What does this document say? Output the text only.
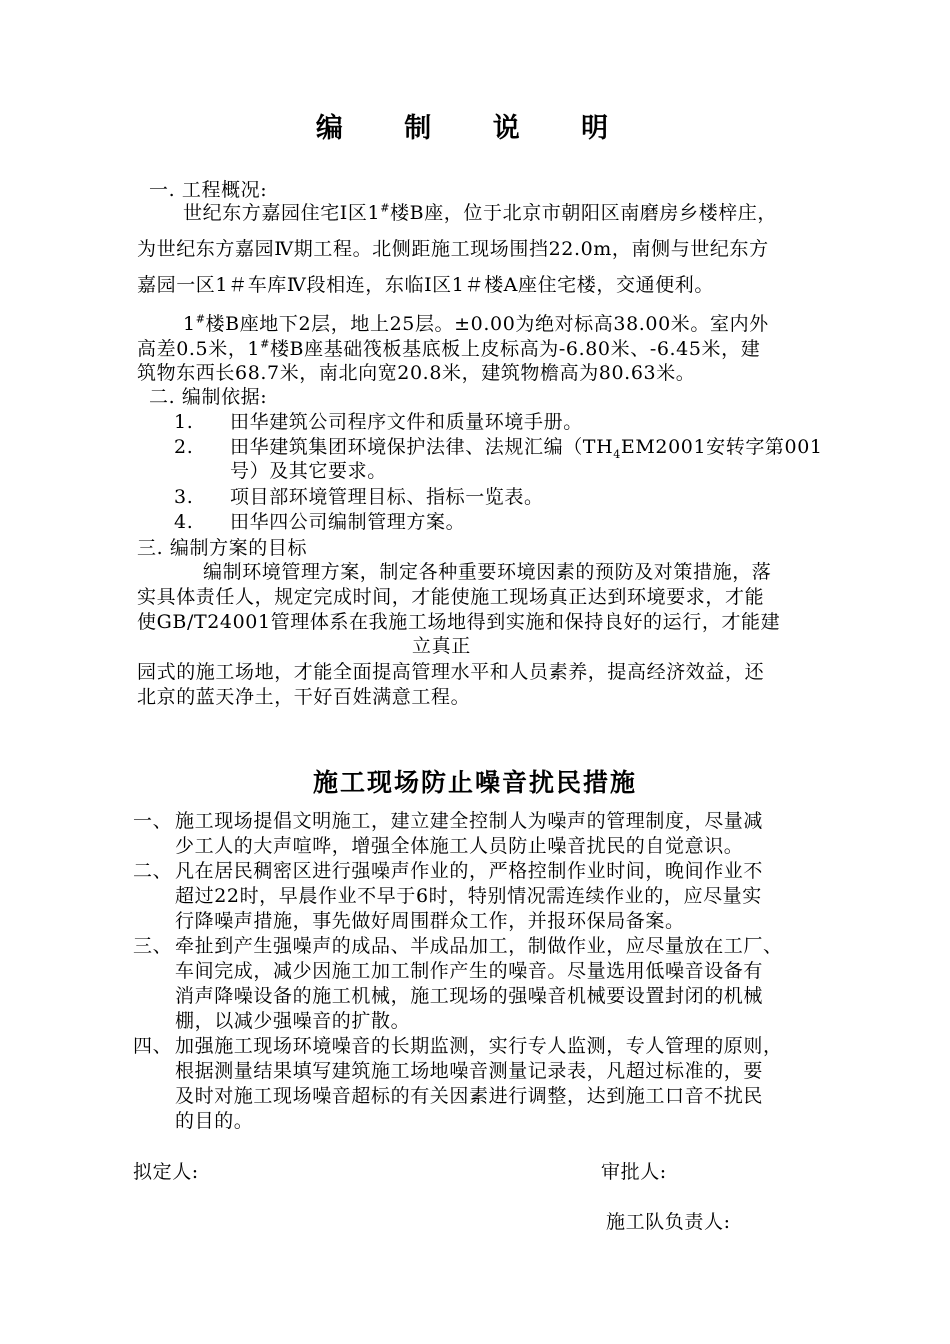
编 制 说 明
一. 工程概况:
世纪东方嘉园住宅Ⅰ区1#楼B座，位于北京市朝阳区南磨房乡楼梓庄，
为世纪东方嘉园Ⅳ期工程。北侧距施工现场围挡22.0m，南侧与世纪东方
嘉园一区1＃车库Ⅳ段相连，东临Ⅰ区1＃楼A座住宅楼，交通便利。
1#楼B座地下2层，地上25层。±0.00为绝对标高38.00米。室内外
高差0.5米，1#楼B座基础筏板基底板上皮标高为-6.80米、-6.45米，建
筑物东西长68.7米，南北向宽20.8米，建筑物檐高为80.63米。
二. 编制依据:
1. 田华建筑公司程序文件和质量环境手册。
2. 田华建筑集团环境保护法律、法规汇编（$TH_4EM2001$安转字第001
号）及其它要求。
3. 项目部环境管理目标、指标一览表。
4. 田华四公司编制管理方案。
三. 编制方案的目标
编制环境管理方案，制定各种重要环境因素的预防及对策措施，落
实具体责任人，规定完成时间，才能使施工现场真正达到环境要求，才能
使GB/T24001管理体系在我施工场地得到实施和保持良好的运行，才能建
立真正
园式的施工场地，才能全面提高管理水平和人员素养，提高经济效益，还
北京的蓝天净土，干好百姓满意工程。
施工现场防止噪音扰民措施
一、 施工现场提倡文明施工，建立建全控制人为噪声的管理制度，尽量减
少工人的大声喧哗，增强全体施工人员防止噪音扰民的自觉意识。
二、 凡在居民稠密区进行强噪声作业的，严格控制作业时间，晚间作业不
超过22时，早晨作业不早于6时，特别情况需连续作业的，应尽量实
行降噪声措施，事先做好周围群众工作，并报环保局备案。
三、 牵扯到产生强噪声的成品、半成品加工，制做作业，应尽量放在工厂、
车间完成，减少因施工加工制作产生的噪音。尽量选用低噪音设备有
消声降噪设备的施工机械，施工现场的强噪音机械要设置封闭的机械
棚，以减少强噪音的扩散。
四、 加强施工现场环境噪音的长期监测，实行专人监测，专人管理的原则，
根据测量结果填写建筑施工场地噪音测量记录表，凡超过标准的，要
及时对施工现场噪音超标的有关因素进行调整，达到施工口音不扰民
的目的。
拟定人:	审批人:
施工队负责人:
